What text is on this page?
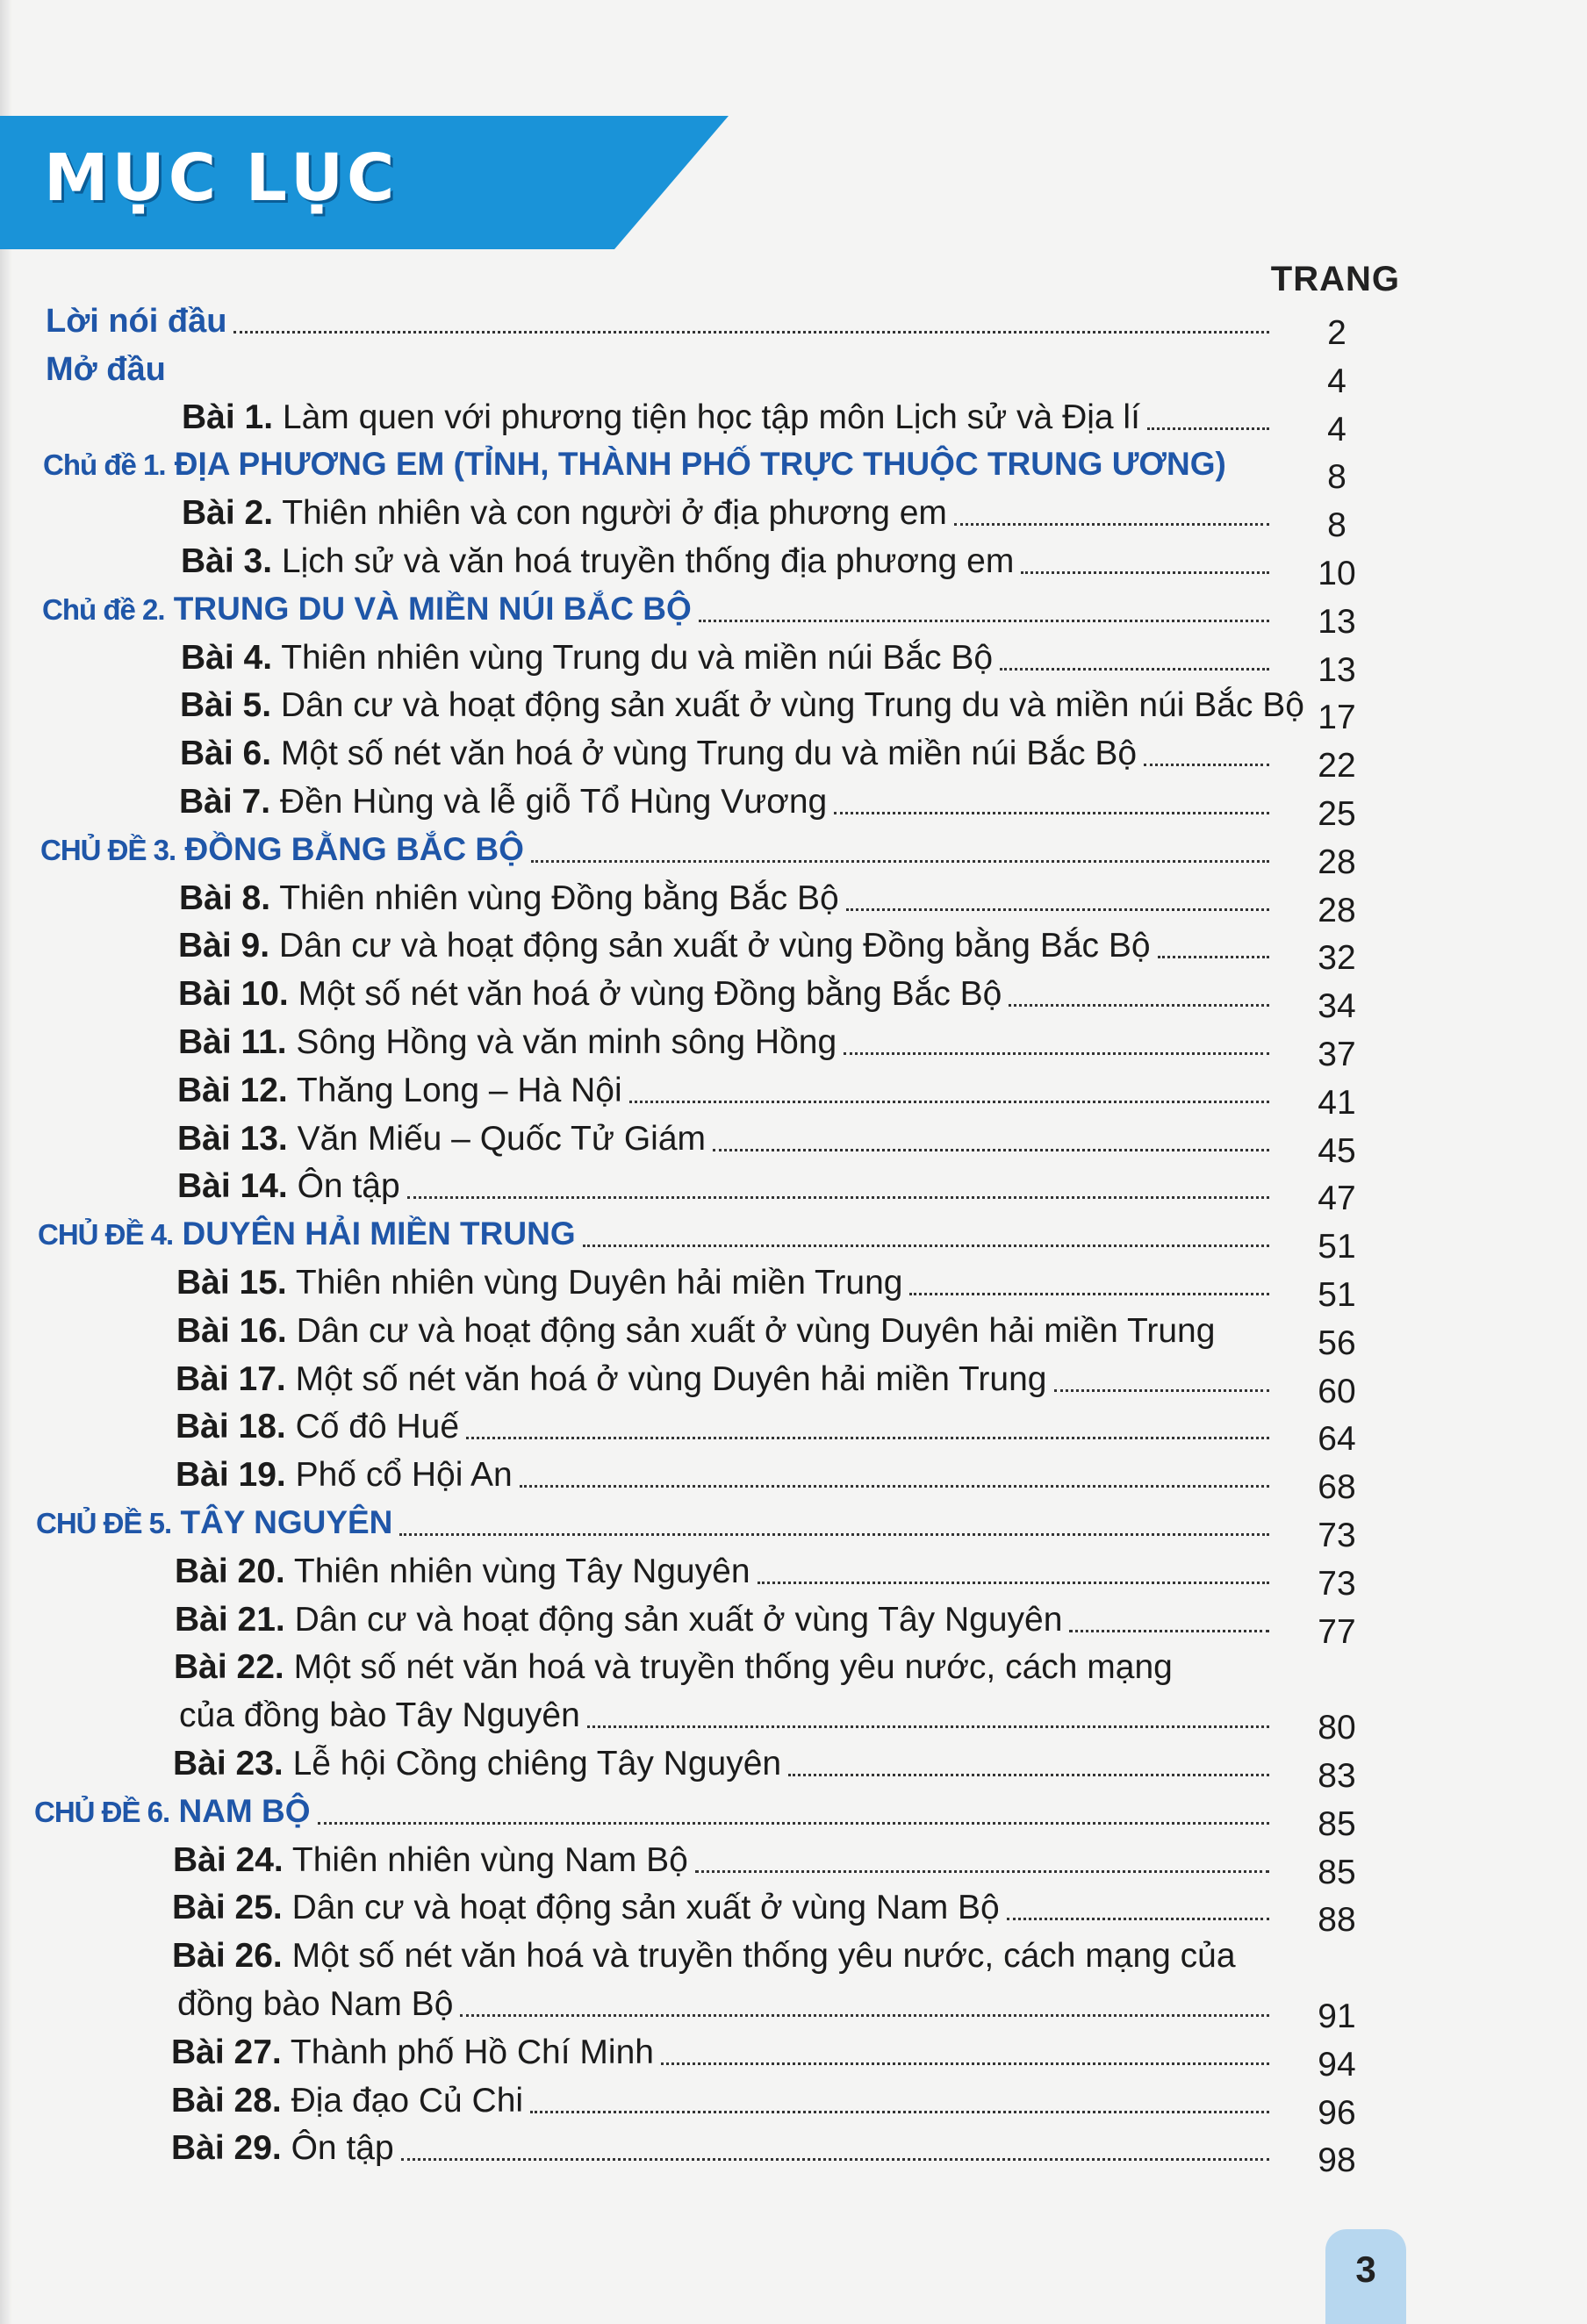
MỤC LỤC
TRANG
Lời nói đầu	2
Mở đầu	4
Bài 1. Làm quen với phương tiện học tập môn Lịch sử và Địa lí	4
Chủ đề 1. ĐỊA PHƯƠNG EM (TỈNH, THÀNH PHỐ TRỰC THUỘC TRUNG ƯƠNG)	8
Bài 2. Thiên nhiên và con người ở địa phương em	8
Bài 3. Lịch sử và văn hoá truyền thống địa phương em	10
Chủ đề 2. TRUNG DU VÀ MIỀN NÚI BẮC BỘ	13
Bài 4. Thiên nhiên vùng Trung du và miền núi Bắc Bộ	13
Bài 5. Dân cư và hoạt động sản xuất ở vùng Trung du và miền núi Bắc Bộ 17
Bài 6. Một số nét văn hoá ở vùng Trung du và miền núi Bắc Bộ	22
Bài 7. Đền Hùng và lễ giỗ Tổ Hùng Vương	25
CHỦ ĐỀ 3. ĐỒNG BẰNG BẮC BỘ	28
Bài 8. Thiên nhiên vùng Đồng bằng Bắc Bộ	28
Bài 9. Dân cư và hoạt động sản xuất ở vùng Đồng bằng Bắc Bộ	32
Bài 10. Một số nét văn hoá ở vùng Đồng bằng Bắc Bộ	34
Bài 11. Sông Hồng và văn minh sông Hồng	37
Bài 12. Thăng Long – Hà Nội	41
Bài 13. Văn Miếu – Quốc Tử Giám	45
Bài 14. Ôn tập	47
CHỦ ĐỀ 4. DUYÊN HẢI MIỀN TRUNG	51
Bài 15. Thiên nhiên vùng Duyên hải miền Trung	51
Bài 16. Dân cư và hoạt động sản xuất ở vùng Duyên hải miền Trung	56
Bài 17. Một số nét văn hoá ở vùng Duyên hải miền Trung	60
Bài 18. Cố đô Huế	64
Bài 19. Phố cổ Hội An	68
CHỦ ĐỀ 5. TÂY NGUYÊN	73
Bài 20. Thiên nhiên vùng Tây Nguyên	73
Bài 21. Dân cư và hoạt động sản xuất ở vùng Tây Nguyên	77
Bài 22. Một số nét văn hoá và truyền thống yêu nước, cách mạng
của đồng bào Tây Nguyên	80
Bài 23. Lễ hội Cồng chiêng Tây Nguyên	83
CHỦ ĐỀ 6. NAM BỘ	85
Bài 24. Thiên nhiên vùng Nam Bộ	85
Bài 25. Dân cư và hoạt động sản xuất ở vùng Nam Bộ	88
Bài 26. Một số nét văn hoá và truyền thống yêu nước, cách mạng của
đồng bào Nam Bộ	91
Bài 27. Thành phố Hồ Chí Minh	94
Bài 28. Địa đạo Củ Chi	96
Bài 29. Ôn tập	98
3
